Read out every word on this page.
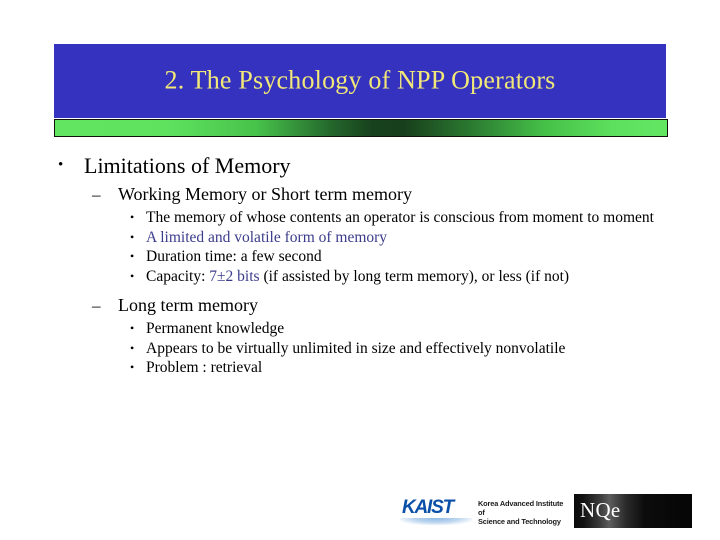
2. The Psychology of NPP Operators
• Limitations of Memory
– Working Memory or Short term memory
• The memory of whose contents an operator is conscious from moment to moment
• A limited and volatile form of memory
• Duration time: a few second
• Capacity: 7±2 bits (if assisted by long term memory), or less (if not)
– Long term memory
• Permanent knowledge
• Appears to be virtually unlimited in size and effectively nonvolatile
• Problem : retrieval
KAIST	Korea Advanced Institute of
Science and Technology NQe
